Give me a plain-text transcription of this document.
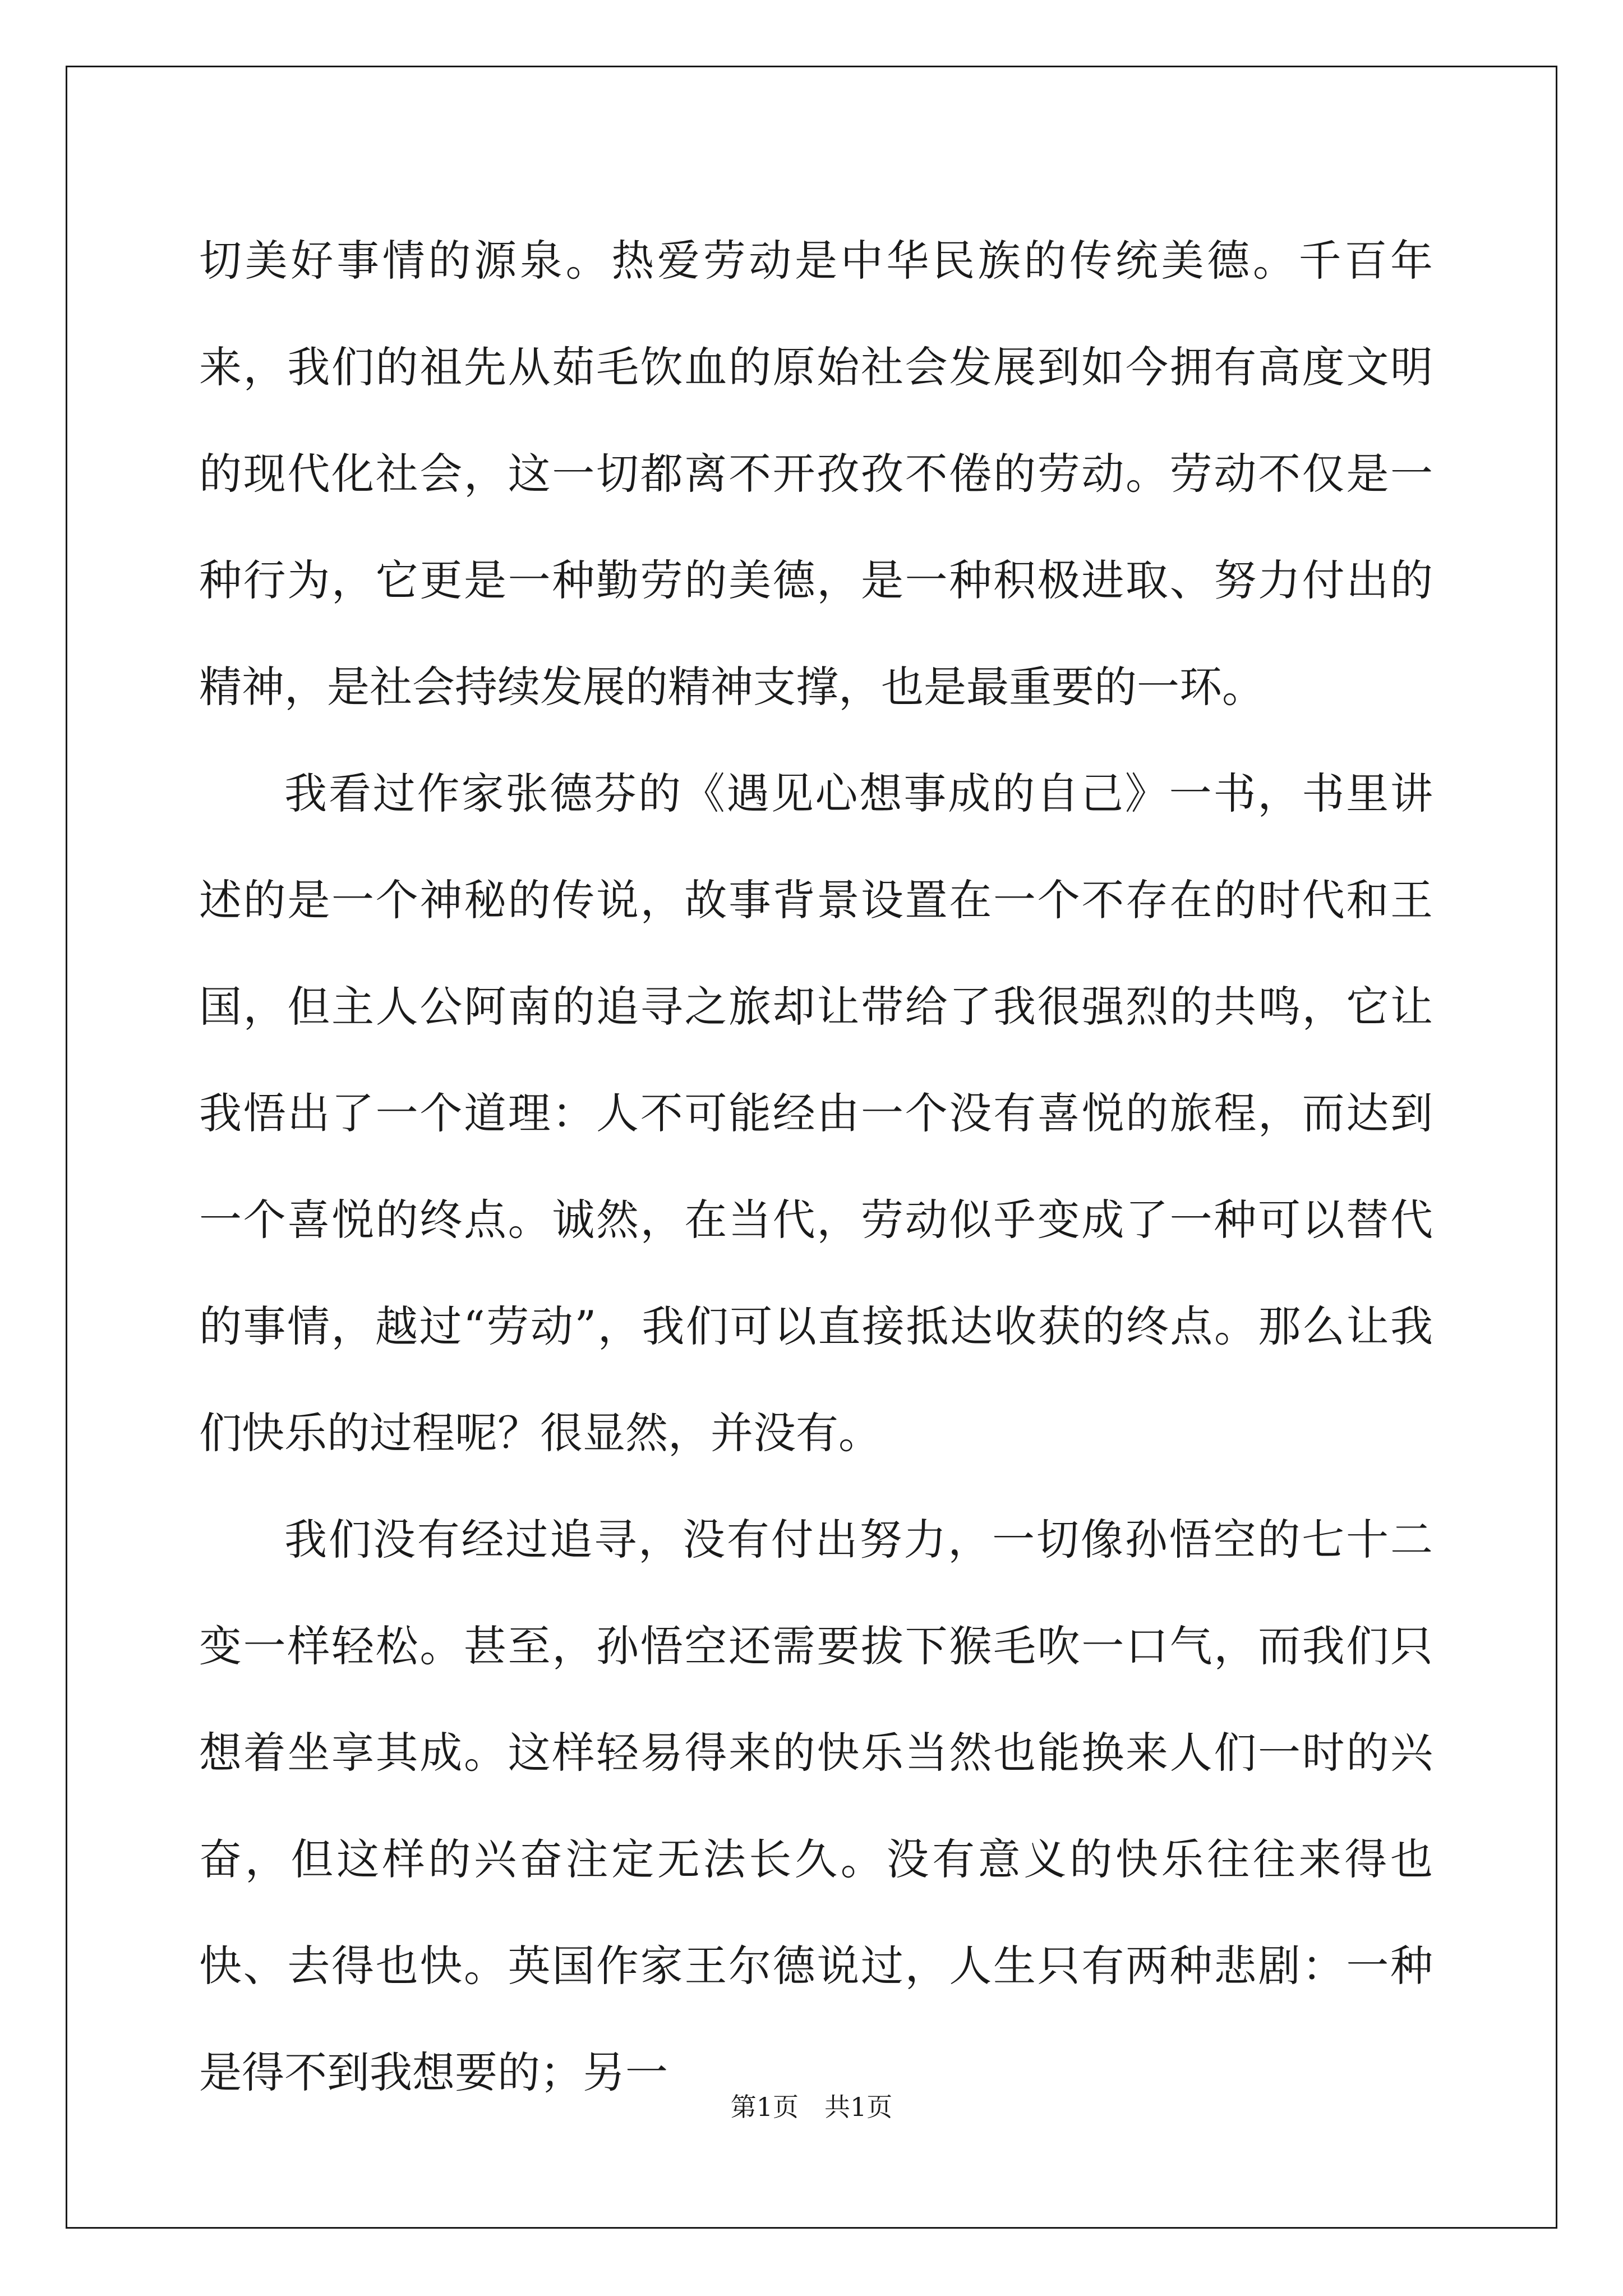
切美好事情的源泉。热爱劳动是中华民族的传统美德。千百年来，我们的祖先从茹毛饮血的原始社会发展到如今拥有高度文明的现代化社会，这一切都离不开孜孜不倦的劳动。劳动不仅是一种行为，它更是一种勤劳的美德，是一种积极进取、努力付出的精神，是社会持续发展的精神支撑，也是最重要的一环。

我看过作家张德芬的《遇见心想事成的自己》一书，书里讲述的是一个神秘的传说，故事背景设置在一个不存在的时代和王国，但主人公阿南的追寻之旅却让带给了我很强烈的共鸣，它让我悟出了一个道理：人不可能经由一个没有喜悦的旅程，而达到一个喜悦的终点。诚然，在当代，劳动似乎变成了一种可以替代的事情，越过“劳动”，我们可以直接抵达收获的终点。那么让我们快乐的过程呢？很显然，并没有。

我们没有经过追寻，没有付出努力，一切像孙悟空的七十二变一样轻松。甚至，孙悟空还需要拔下猴毛吹一口气，而我们只想着坐享其成。这样轻易得来的快乐当然也能换来人们一时的兴奋，但这样的兴奋注定无法长久。没有意义的快乐往往来得也快、去得也快。英国作家王尔德说过，人生只有两种悲剧：一种是得不到我想要的；另一

第1页　共1页
